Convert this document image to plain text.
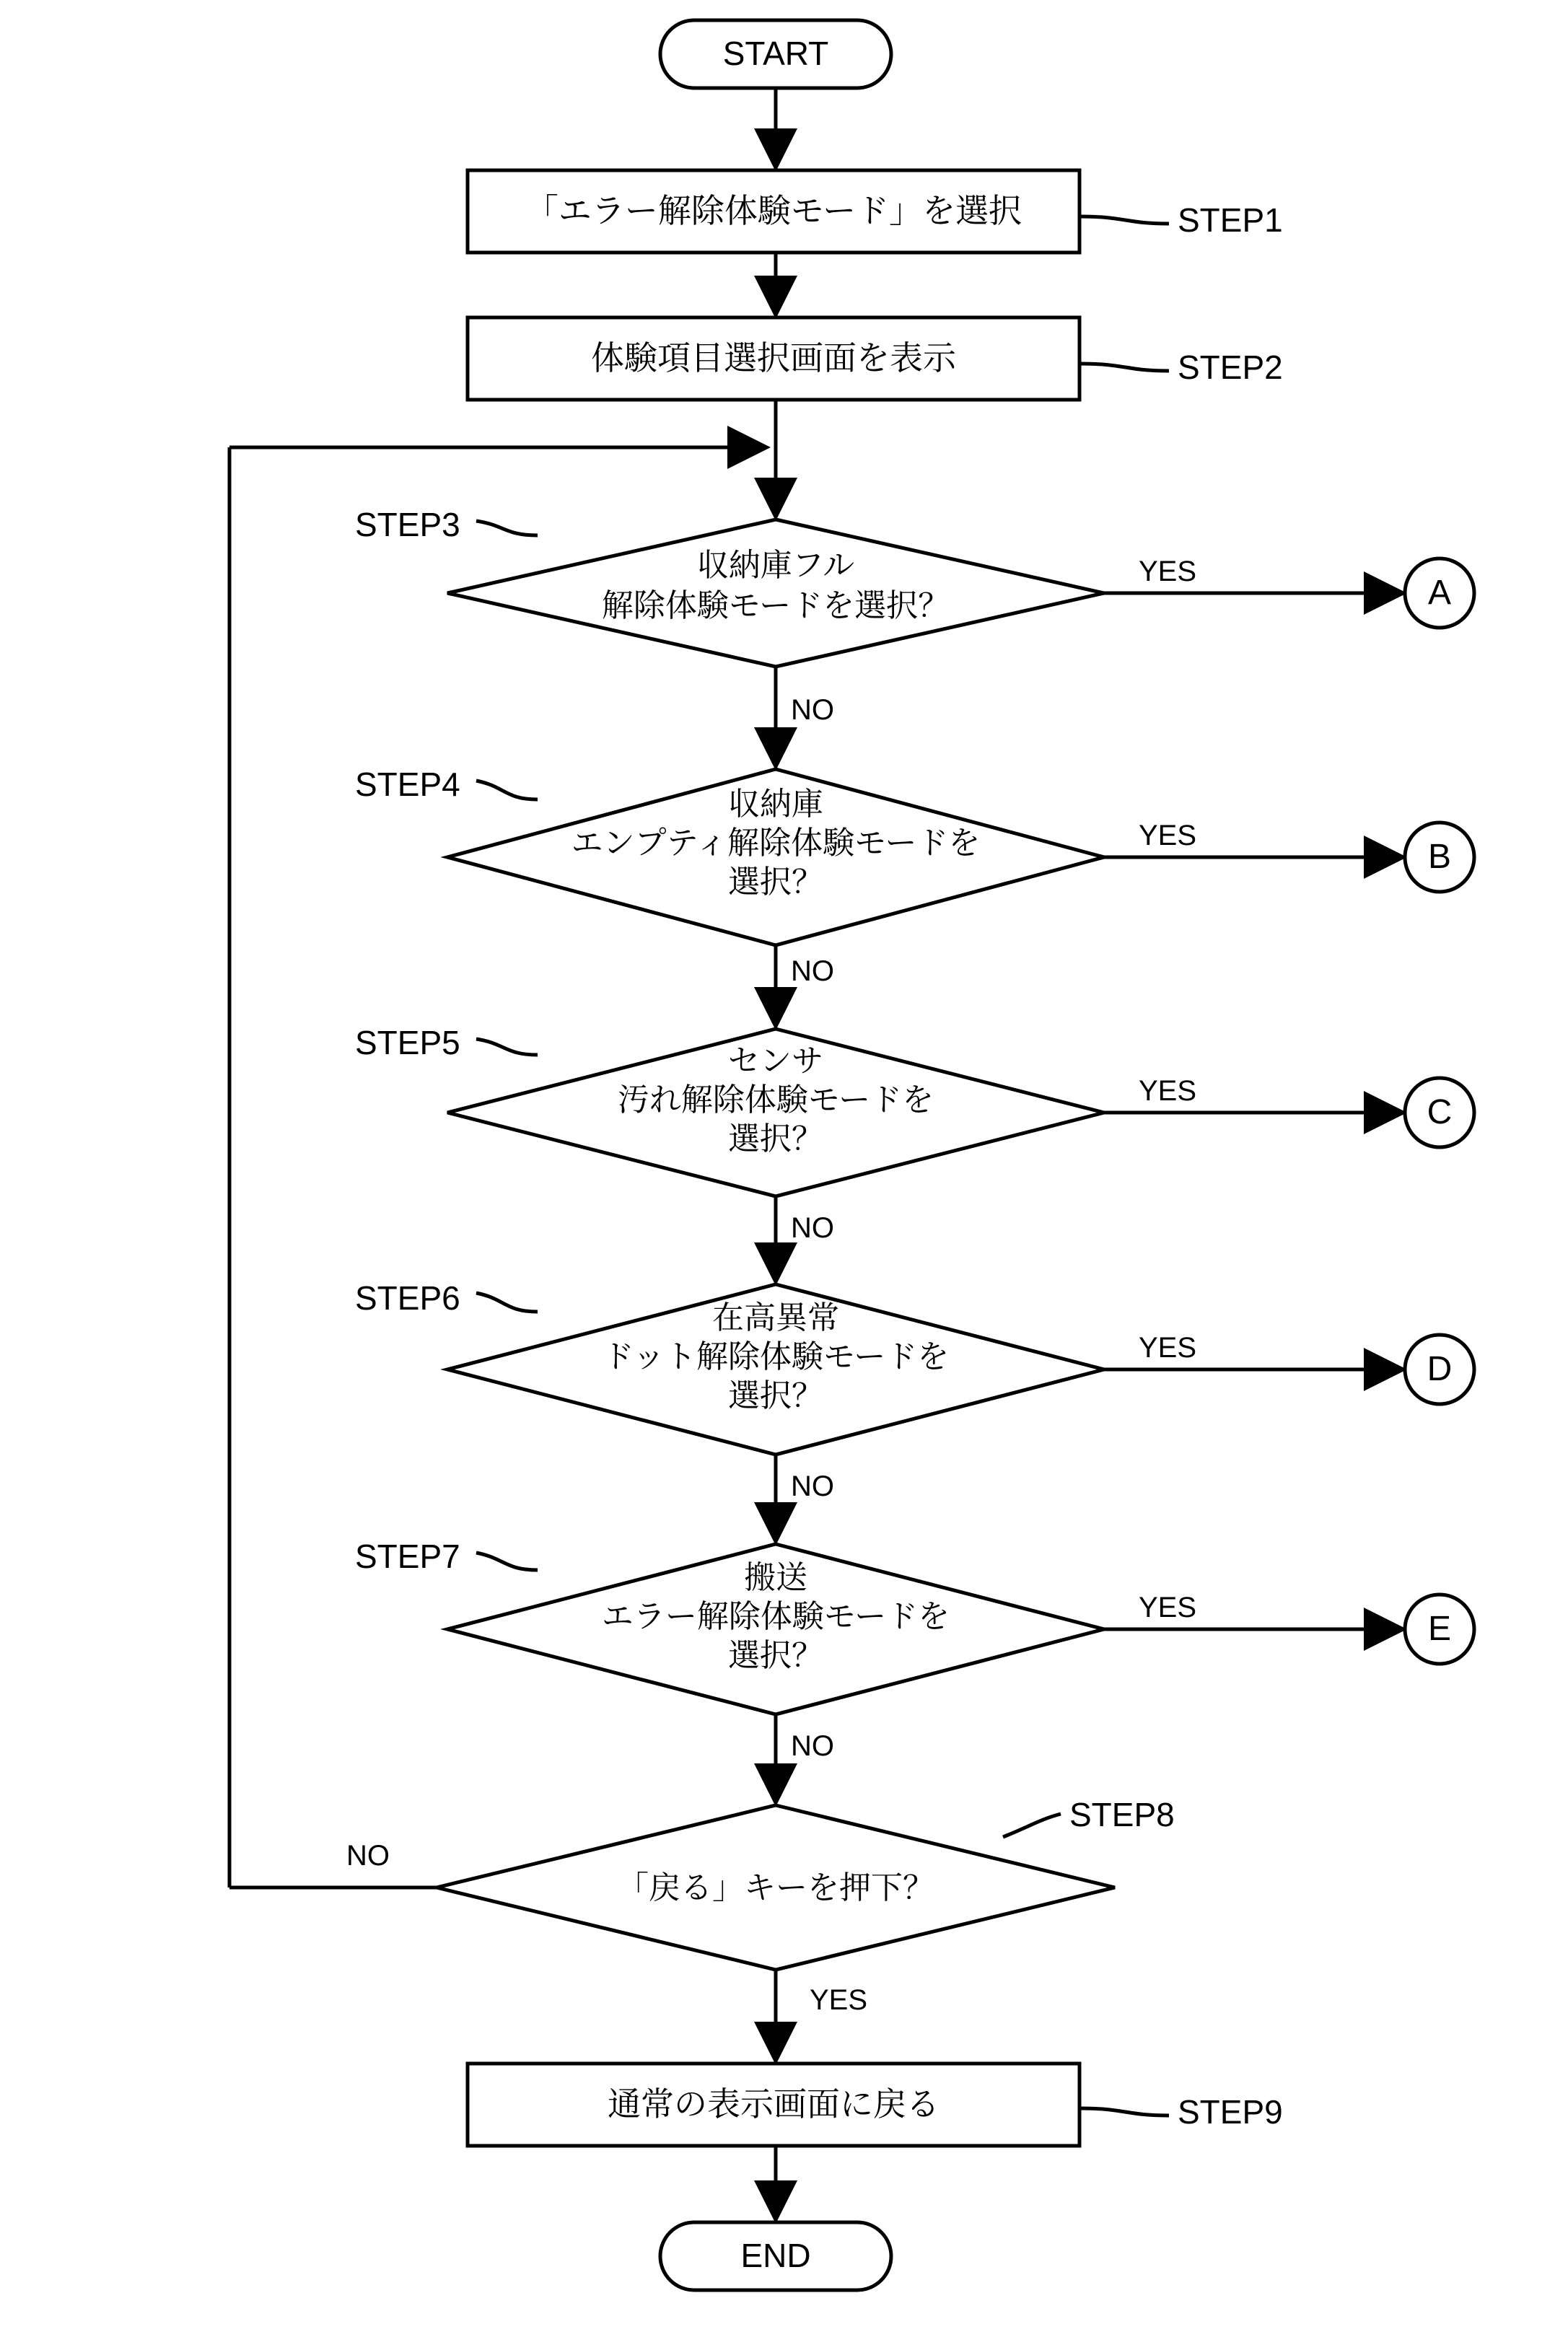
START
「エラー解除体験モード」を選択	STEP1
体験項目選択画面を表示	STEP2
STEP3
収納庫フル
解除体験モードを選択？
YES
NO
A
STEP4
収納庫
エンプティ解除体験モードを
選択？
YES
NO
B
STEP5	センサ
汚れ解除体験モードを
選択？
YES
NO
C
STEP6
在高異常
ドット解除体験モードを
選択？
YES
NO
D
STEP7
搬送
エラー解除体験モードを
選択？
YES
NO
E
STEP8
「戻る」キーを押下？
NO
YES
通常の表示画面に戻る	STEP9
END
